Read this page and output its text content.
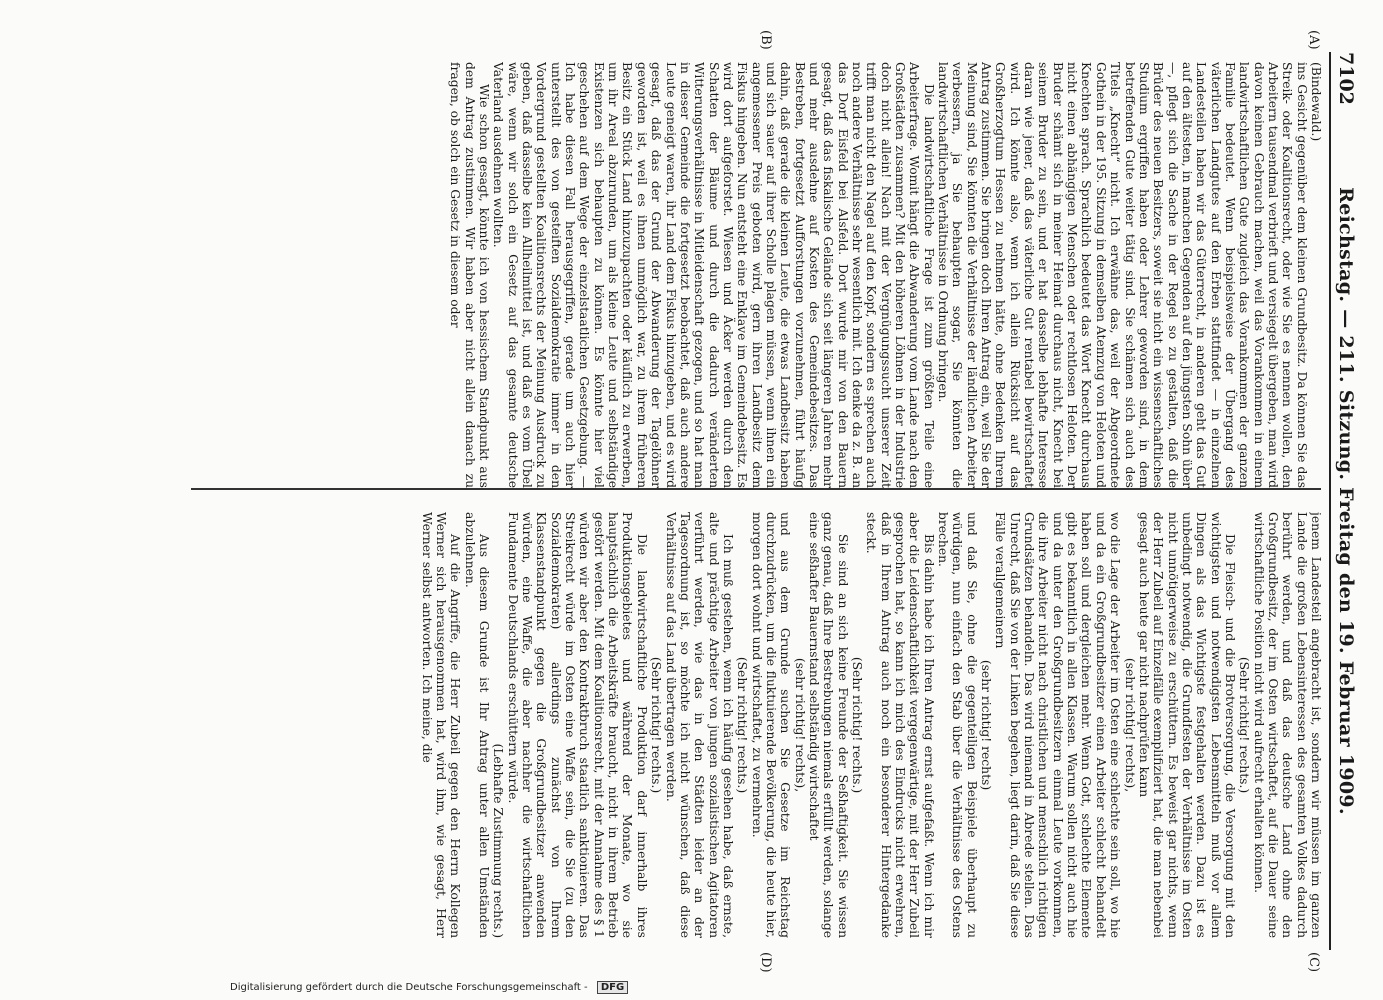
7102
Reichstag. — 211. Sitzung. Freitag den 19. Februar 1909.
(A)
(B)
(C)
(D)

(Bindewald.)

ins Gesicht gegenüber dem kleinen Grundbesitz. Da können Sie das Streik- oder Koalitionsrecht, oder wie Sie es nennen wollen, den Arbeitern tausendmal verbrieft und versiegelt übergeben, man wird davon keinen Gebrauch machen, weil das Vorankommen in einem landwirtschaftlichen Gute zugleich das Vorankommen der ganzen Familie bedeutet. Wenn beispielsweise der Übergang des väterlichen Landgutes auf den Erben stattfindet — in einzelnen Landesteilen haben wir das Güterrecht, in anderen geht das Gut auf den ältesten, in manchen Gegenden auf den jüngsten Sohn über —, pflegt sich die Sache in der Regel so zu gestalten, daß die Brüder des neuen Besitzers, soweit sie nicht ein wissenschaftliches Studium ergriffen haben oder Lehrer geworden sind, in dem betreffenden Gute weiter tätig sind. Sie schämen sich auch des Titels „Knecht“ nicht. Ich erwähne das, weil der Abgeordnete Gothein in der 195. Sitzung in demselben Atemzug von Heloten und Knechten sprach. Sprachlich bedeutet das Wort Knecht durchaus nicht einen abhängigen Menschen oder rechtlosen Heloten. Der Bruder schämt sich in meiner Heimat durchaus nicht, Knecht bei seinem Bruder zu sein, und er hat dasselbe lebhafte Interesse daran wie jener, daß das väterliche Gut rentabel bewirtschaftet wird. Ich könnte also, wenn ich allein Rücksicht auf das Großherzogtum Hessen zu nehmen hätte, ohne Bedenken Ihrem Antrag zustimmen. Sie bringen doch Ihren Antrag ein, weil Sie der Meinung sind, Sie könnten die Verhältnisse der ländlichen Arbeiter verbessern, ja Sie behaupten sogar, Sie könnten die landwirtschaftlichen Verhältnisse in Ordnung bringen.

Die landwirtschaftliche Frage ist zum größten Teile eine Arbeiterfrage. Womit hängt die Abwanderung vom Lande nach den Großstädten zusammen? Mit den höheren Löhnen in der Industrie doch nicht allein! Nach mit der Vergnügungssucht unserer Zeit trifft man nicht den Nagel auf den Kopf, sondern es sprechen auch noch andere Verhältnisse sehr wesentlich mit. Ich denke da z. B. an das Dorf Eisfeld bei Alsfeld. Dort wurde mir von den Bauern gesagt, daß das fiskalische Gelände sich seit längeren Jahren mehr und mehr ausdehne auf Kosten des Gemeindebesitzes. Das Bestreben, fortgesetzt Aufforstungen vorzunehmen, führt häufig dahin, daß gerade die kleinen Leute, die etwas Landbesitz haben und sich sauer auf ihrer Scholle plagen müssen, wenn ihnen ein angemessener Preis geboten wird, gern ihren Landbesitz dem Fiskus hingeben. Nun entsteht eine Enklave im Gemeindebesitz. Es wird dort aufgeforstet. Wiesen und Äcker werden durch den Schatten der Bäume und durch die dadurch veränderten Witterungsverhältnisse in Mitleidenschaft gezogen, und so hat man in dieser Gemeinde die fortgesetzt beobachtet, daß auch andere Leute geneigt waren, ihr Land dem Fiskus hinzugeben, und es wird gesagt, daß das der Grund der Abwanderung der Tagelöhner geworden ist, weil es ihnen unmöglich war, zu ihrem früheren Besitz ein Stück Land hinzuzupachten oder käuflich zu erwerben, um ihr Areal abzurunden, um als kleine Leute und selbständige Existenzen sich behaupten zu können. Es könnte hier viel geschehen auf dem Wege der einzelstaatlichen Gesetzgebung. — Ich habe diesen Fall herausgegriffen, gerade um auch hier unterstellt des von gesteiften Sozialdemokratie immer in den Vordergrund gestellten Koalitionsrechts der Meinung Ausdruck zu geben, daß dasselbe kein Allheilmittel ist, und daß es vom Übel wäre, wenn wir solch ein Gesetz auf das gesamte deutsche Vaterland ausdehnen wollten.

Wie schon gesagt, könnte ich von hessischem Standpunkt aus dem Antrag zustimmen. Wir haben aber nicht allein danach zu fragen, ob solch ein Gesetz in diesem oder

jenem Landesteil angebracht ist, sondern wir müssen im ganzen Lande die großen Lebensinteressen des gesamten Volkes dadurch berührt werden, und daß das deutsche Land ohne den Großgrundbesitz, der im Osten wirtschaftet, auf die Dauer seine wirtschaftliche Position nicht wird aufrecht erhalten können.

(Sehr richtig! rechts.)

Die Fleisch- und die Brotversorgung, die Versorgung mit den wichtigsten und notwendigsten Lebensmitteln muß vor allem Dingen als das Wichtigste festgehalten werden. Dazu ist es unbedingt notwendig, die Grundfesten der Verhältnisse im Osten nicht unnötigerweise zu erschüttern. Es beweist gar nichts, wenn der Herr Zubeil auf Einzelfälle exemplifiziert hat, die man nebenbei gesagt auch heute gar nicht nachprüfen kann

(sehr richtig! rechts),

wo die Lage der Arbeiter im Osten eine schlechte sein soll, wo hie und da ein Großgrundbesitzer einen Arbeiter schlecht behandelt haben soll und dergleichen mehr. Wenn Gott, schlechte Elemente gibt es bekanntlich in allen Klassen. Warum sollen nicht auch hie und da unter den Großgrundbesitzern einmal Leute vorkommen, die ihre Arbeiter nicht nach christlichen und menschlich richtigen Grundsätzen behandeln. Das wird niemand in Abrede stellen. Das Unrecht, daß Sie von der Linken begehen, liegt darin, daß Sie diese Fälle verallgemeinern

(sehr richtig! rechts)

und daß Sie, ohne die gegenteiligen Beispiele überhaupt zu würdigen, nun einfach den Stab über die Verhältnisse des Ostens brechen.

Bis dahin habe ich Ihren Antrag ernst aufgefaßt. Wenn ich mir aber die Leidenschaftlichkeit vergegenwärtige, mit der Herr Zubeil gesprochen hat, so kann ich mich des Eindrucks nicht erwehren, daß in Ihrem Antrag auch noch ein besonderer Hintergedanke steckt.

(Sehr richtig! rechts.)

Sie sind an sich keine Freunde der Seßhaftigkeit. Sie wissen ganz genau, daß Ihre Bestrebungen niemals erfüllt werden, solange eine seßhafter Bauernstand selbständig wirtschaftet

(sehr richtig! rechts),

und aus dem Grunde suchen Sie Gesetze im Reichstag durchzudrücken, um die fluktuierende Bevölkerung, die heute hier, morgen dort wohnt und wirtschaftet, zu vermehren.

(Sehr richtig! rechts.)

Ich muß gestehen, wenn ich häufig gesehen habe, daß ernste, alte und prächtige Arbeiter von jungen sozialistischen Agitatoren verführt werden, wie das in den Städten leider an der Tagesordnung ist, so möchte ich nicht wünschen, daß diese Verhältnisse auf das Land übertragen werden.

(Sehr richtig! rechts.)

Die landwirtschaftliche Produktion darf innerhalb ihres Produktionsgebietes und während der Monate, wo sie hauptsächlich die Arbeitskräfte braucht, nicht in ihrem Betrieb gestört werden. Mit dem Koalitionsrecht, mit der Annahme des § 1 würden wir aber den Kontraktbruch staatlich sanktionieren. Das Streikrecht würde im Osten eine Waffe sein, die Sie (zu den Sozialdemokraten) allerdings zunächst von Ihrem Klassenstandpunkt gegen die Großgrundbesitzer anwenden würden, eine Waffe, die aber nachher die wirtschaftlichen Fundamente Deutschlands erschüttern würde.

(Lebhafte Zustimmung rechts.)

Aus diesem Grunde ist Ihr Antrag unter allen Umständen abzulehnen.

Auf die Angriffe, die Herr Zubeil gegen den Herrn Kollegen Werner sich herausgenommen hat, wird ihm, wie gesagt, Herr Werner selbst antworten. Ich meine, die

Digitalisierung gefördert durch die Deutsche Forschungsgemeinschaft - DFG
